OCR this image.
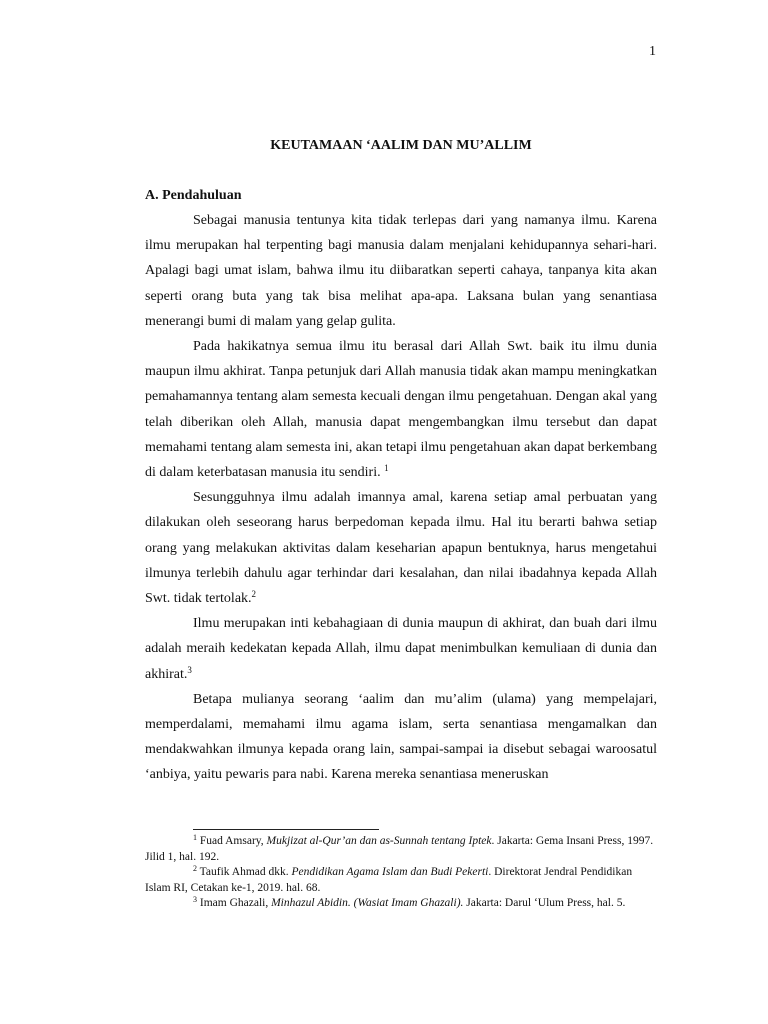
1
KEUTAMAAN ‘AALIM DAN MU’ALLIM
A. Pendahuluan

Sebagai manusia tentunya kita tidak terlepas dari yang namanya ilmu. Karena ilmu merupakan hal terpenting bagi manusia dalam menjalani kehidupannya sehari-hari. Apalagi bagi umat islam, bahwa ilmu itu diibaratkan seperti cahaya, tanpanya kita akan seperti orang buta yang tak bisa melihat apa-apa. Laksana bulan yang senantiasa menerangi bumi di malam yang gelap gulita.

Pada hakikatnya semua ilmu itu berasal dari Allah Swt. baik itu ilmu dunia maupun ilmu akhirat. Tanpa petunjuk dari Allah manusia tidak akan mampu meningkatkan pemahamannya tentang alam semesta kecuali dengan ilmu pengetahuan. Dengan akal yang telah diberikan oleh Allah, manusia dapat mengembangkan ilmu tersebut dan dapat memahami tentang alam semesta ini, akan tetapi ilmu pengetahuan akan dapat berkembang di dalam keterbatasan manusia itu sendiri. $^1$

Sesungguhnya ilmu adalah imannya amal, karena setiap amal perbuatan yang dilakukan oleh seseorang harus berpedoman kepada ilmu. Hal itu berarti bahwa setiap orang yang melakukan aktivitas dalam keseharian apapun bentuknya, harus mengetahui ilmunya terlebih dahulu agar terhindar dari kesalahan, dan nilai ibadahnya kepada Allah Swt. tidak tertolak.$^2$

Ilmu merupakan inti kebahagiaan di dunia maupun di akhirat, dan buah dari ilmu adalah meraih kedekatan kepada Allah, ilmu dapat menimbulkan kemuliaan di dunia dan akhirat.$^3$

Betapa mulianya seorang ‘aalim dan mu’alim (ulama) yang mempelajari, memperdalami, memahami ilmu agama islam, serta senantiasa mengamalkan dan mendakwahkan ilmunya kepada orang lain, sampai-sampai ia disebut sebagai waroosatul ‘anbiya, yaitu pewaris para nabi. Karena mereka senantiasa meneruskan

$^1$ Fuad Amsary, Mukjizat al-Qur’an dan as-Sunnah tentang Iptek. Jakarta: Gema Insani Press, 1997. Jilid 1, hal. 192.

$^2$ Taufik Ahmad dkk. Pendidikan Agama Islam dan Budi Pekerti. Direktorat Jendral Pendidikan Islam RI, Cetakan ke-1, 2019. hal. 68.

$^3$ Imam Ghazali, Minhazul Abidin. (Wasiat Imam Ghazali). Jakarta: Darul ‘Ulum Press, hal. 5.
